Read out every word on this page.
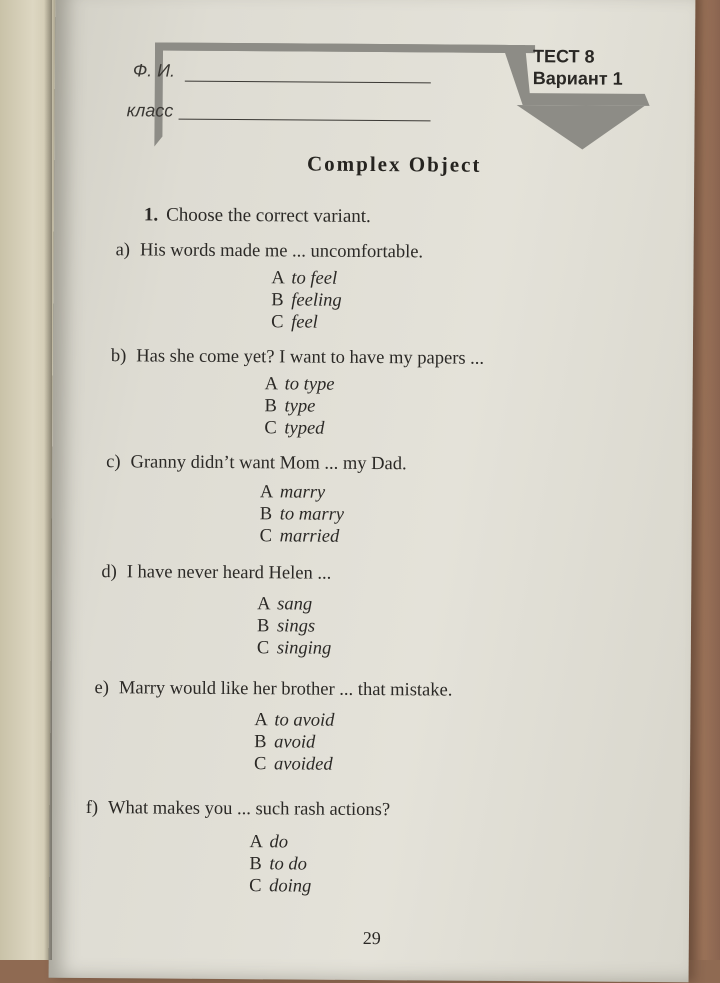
Ф. И.
класс
ТЕСТ 8
Вариант 1
Complex Object
1. Choose the correct variant.
a) His words made me ... uncomfortable.
A to feel
B feeling
C feel
b) Has she come yet? I want to have my papers ...
A to type
B type
C typed
c) Granny didn’t want Mom ... my Dad.
A marry
B to marry
C married
d) I have never heard Helen ...
A sang
B sings
C singing
e) Marry would like her brother ... that mistake.
A to avoid
B avoid
C avoided
f) What makes you ... such rash actions?
A do
B to do
C doing
29
